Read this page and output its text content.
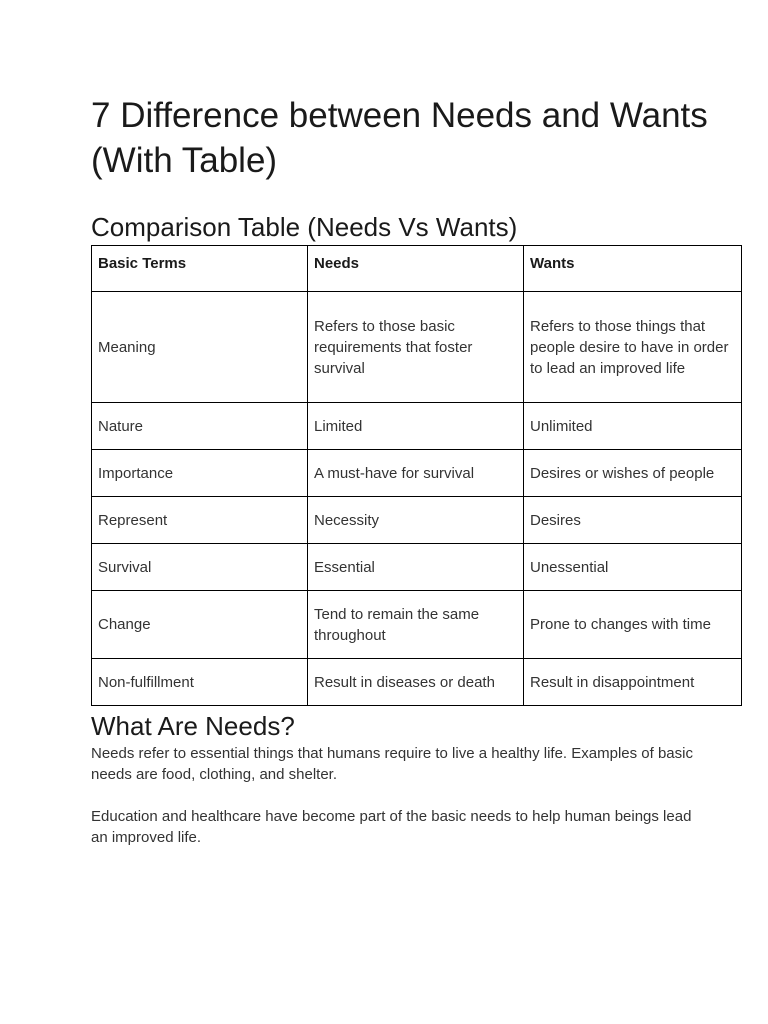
7 Difference between Needs and Wants (With Table)
Comparison Table (Needs Vs Wants)
Basic Terms	Needs	Wants
Meaning	Refers to those basic requirements that foster survival	Refers to those things that people desire to have in order to lead an improved life
Nature	Limited	Unlimited
Importance	A must-have for survival	Desires or wishes of people
Represent	Necessity	Desires
Survival	Essential	Unessential
Change	Tend to remain the same throughout	Prone to changes with time
Non-fulfillment	Result in diseases or death	Result in disappointment
What Are Needs?

Needs refer to essential things that humans require to live a healthy life. Examples of basic needs are food, clothing, and shelter.

Education and healthcare have become part of the basic needs to help human beings lead an improved life.
